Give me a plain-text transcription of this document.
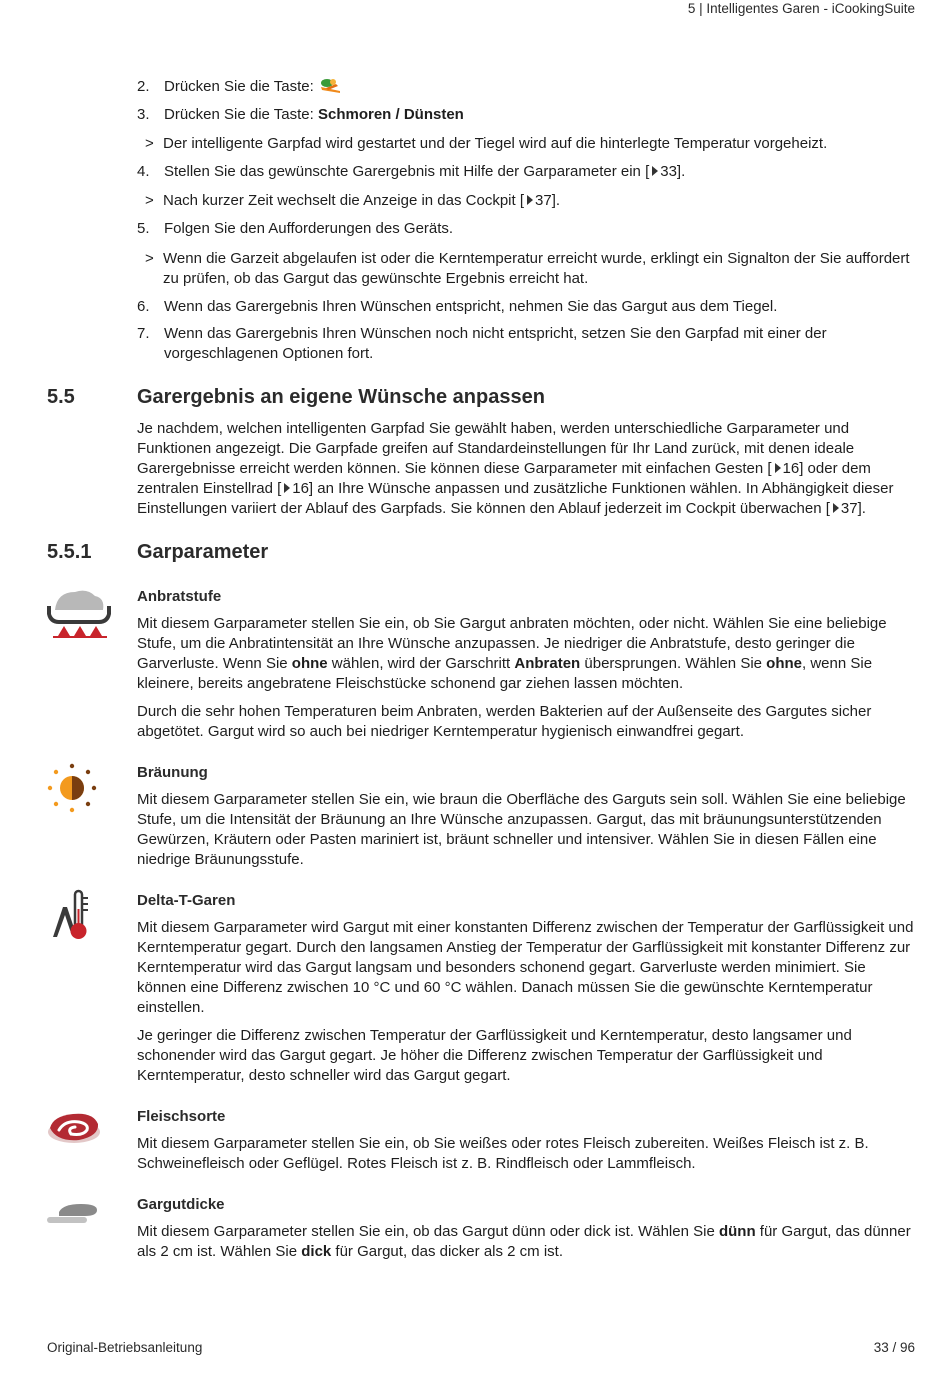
5 | Intelligentes Garen - iCookingSuite
2. Drücken Sie die Taste:
3. Drücken Sie die Taste: Schmoren / Dünsten
> Der intelligente Garpfad wird gestartet und der Tiegel wird auf die hinterlegte Temperatur vorgeheizt.
4. Stellen Sie das gewünschte Garergebnis mit Hilfe der Garparameter ein [ 33].
> Nach kurzer Zeit wechselt die Anzeige in das Cockpit [ 37].
5. Folgen Sie den Aufforderungen des Geräts.
> Wenn die Garzeit abgelaufen ist oder die Kerntemperatur erreicht wurde, erklingt ein Signalton der Sie auffordert zu prüfen, ob das Gargut das gewünschte Ergebnis erreicht hat.
6. Wenn das Garergebnis Ihren Wünschen entspricht, nehmen Sie das Gargut aus dem Tiegel.
7. Wenn das Garergebnis Ihren Wünschen noch nicht entspricht, setzen Sie den Garpfad mit einer der vorgeschlagenen Optionen fort.
5.5	Garergebnis an eigene Wünsche anpassen
Je nachdem, welchen intelligenten Garpfad Sie gewählt haben, werden unterschiedliche Garparameter und Funktionen angezeigt. Die Garpfade greifen auf Standardeinstellungen für Ihr Land zurück, mit denen ideale Garergebnisse erreicht werden können. Sie können diese Garparameter mit einfachen Gesten [ 16] oder dem zentralen Einstellrad [ 16] an Ihre Wünsche anpassen und zusätzliche Funktionen wählen. In Abhängigkeit dieser Einstellungen variiert der Ablauf des Garpfads. Sie können den Ablauf jederzeit im Cockpit überwachen [ 37].
5.5.1 Garparameter
Anbratstufe
Mit diesem Garparameter stellen Sie ein, ob Sie Gargut anbraten möchten, oder nicht. Wählen Sie eine beliebige Stufe, um die Anbratintensität an Ihre Wünsche anzupassen. Je niedriger die Anbratstufe, desto geringer die Garverluste. Wenn Sie ohne wählen, wird der Garschritt Anbraten übersprungen. Wählen Sie ohne, wenn Sie kleinere, bereits angebratene Fleischstücke schonend gar ziehen lassen möchten.
Durch die sehr hohen Temperaturen beim Anbraten, werden Bakterien auf der Außenseite des Gargutes sicher abgetötet. Gargut wird so auch bei niedriger Kerntemperatur hygienisch einwandfrei gegart.
Bräunung
Mit diesem Garparameter stellen Sie ein, wie braun die Oberfläche des Garguts sein soll. Wählen Sie eine beliebige Stufe, um die Intensität der Bräunung an Ihre Wünsche anzupassen. Gargut, das mit bräunungsunterstützenden Gewürzen, Kräutern oder Pasten mariniert ist, bräunt schneller und intensiver. Wählen Sie in diesen Fällen eine niedrige Bräunungsstufe.
Delta-T-Garen
Mit diesem Garparameter wird Gargut mit einer konstanten Differenz zwischen der Temperatur der Garflüssigkeit und Kerntemperatur gegart. Durch den langsamen Anstieg der Temperatur der Garflüssigkeit mit konstanter Differenz zur Kerntemperatur wird das Gargut langsam und besonders schonend gegart. Garverluste werden minimiert. Sie können eine Differenz zwischen 10 °C und 60 °C wählen. Danach müssen Sie die gewünschte Kerntemperatur einstellen.
Je geringer die Differenz zwischen Temperatur der Garflüssigkeit und Kerntemperatur, desto langsamer und schonender wird das Gargut gegart. Je höher die Differenz zwischen Temperatur der Garflüssigkeit und Kerntemperatur, desto schneller wird das Gargut gegart.
Fleischsorte
Mit diesem Garparameter stellen Sie ein, ob Sie weißes oder rotes Fleisch zubereiten. Weißes Fleisch ist z. B. Schweinefleisch oder Geflügel. Rotes Fleisch ist z. B. Rindfleisch oder Lammfleisch.
Gargutdicke
Mit diesem Garparameter stellen Sie ein, ob das Gargut dünn oder dick ist. Wählen Sie dünn für Gargut, das dünner als 2 cm ist. Wählen Sie dick für Gargut, das dicker als 2 cm ist.
Original-Betriebsanleitung	33 / 96
